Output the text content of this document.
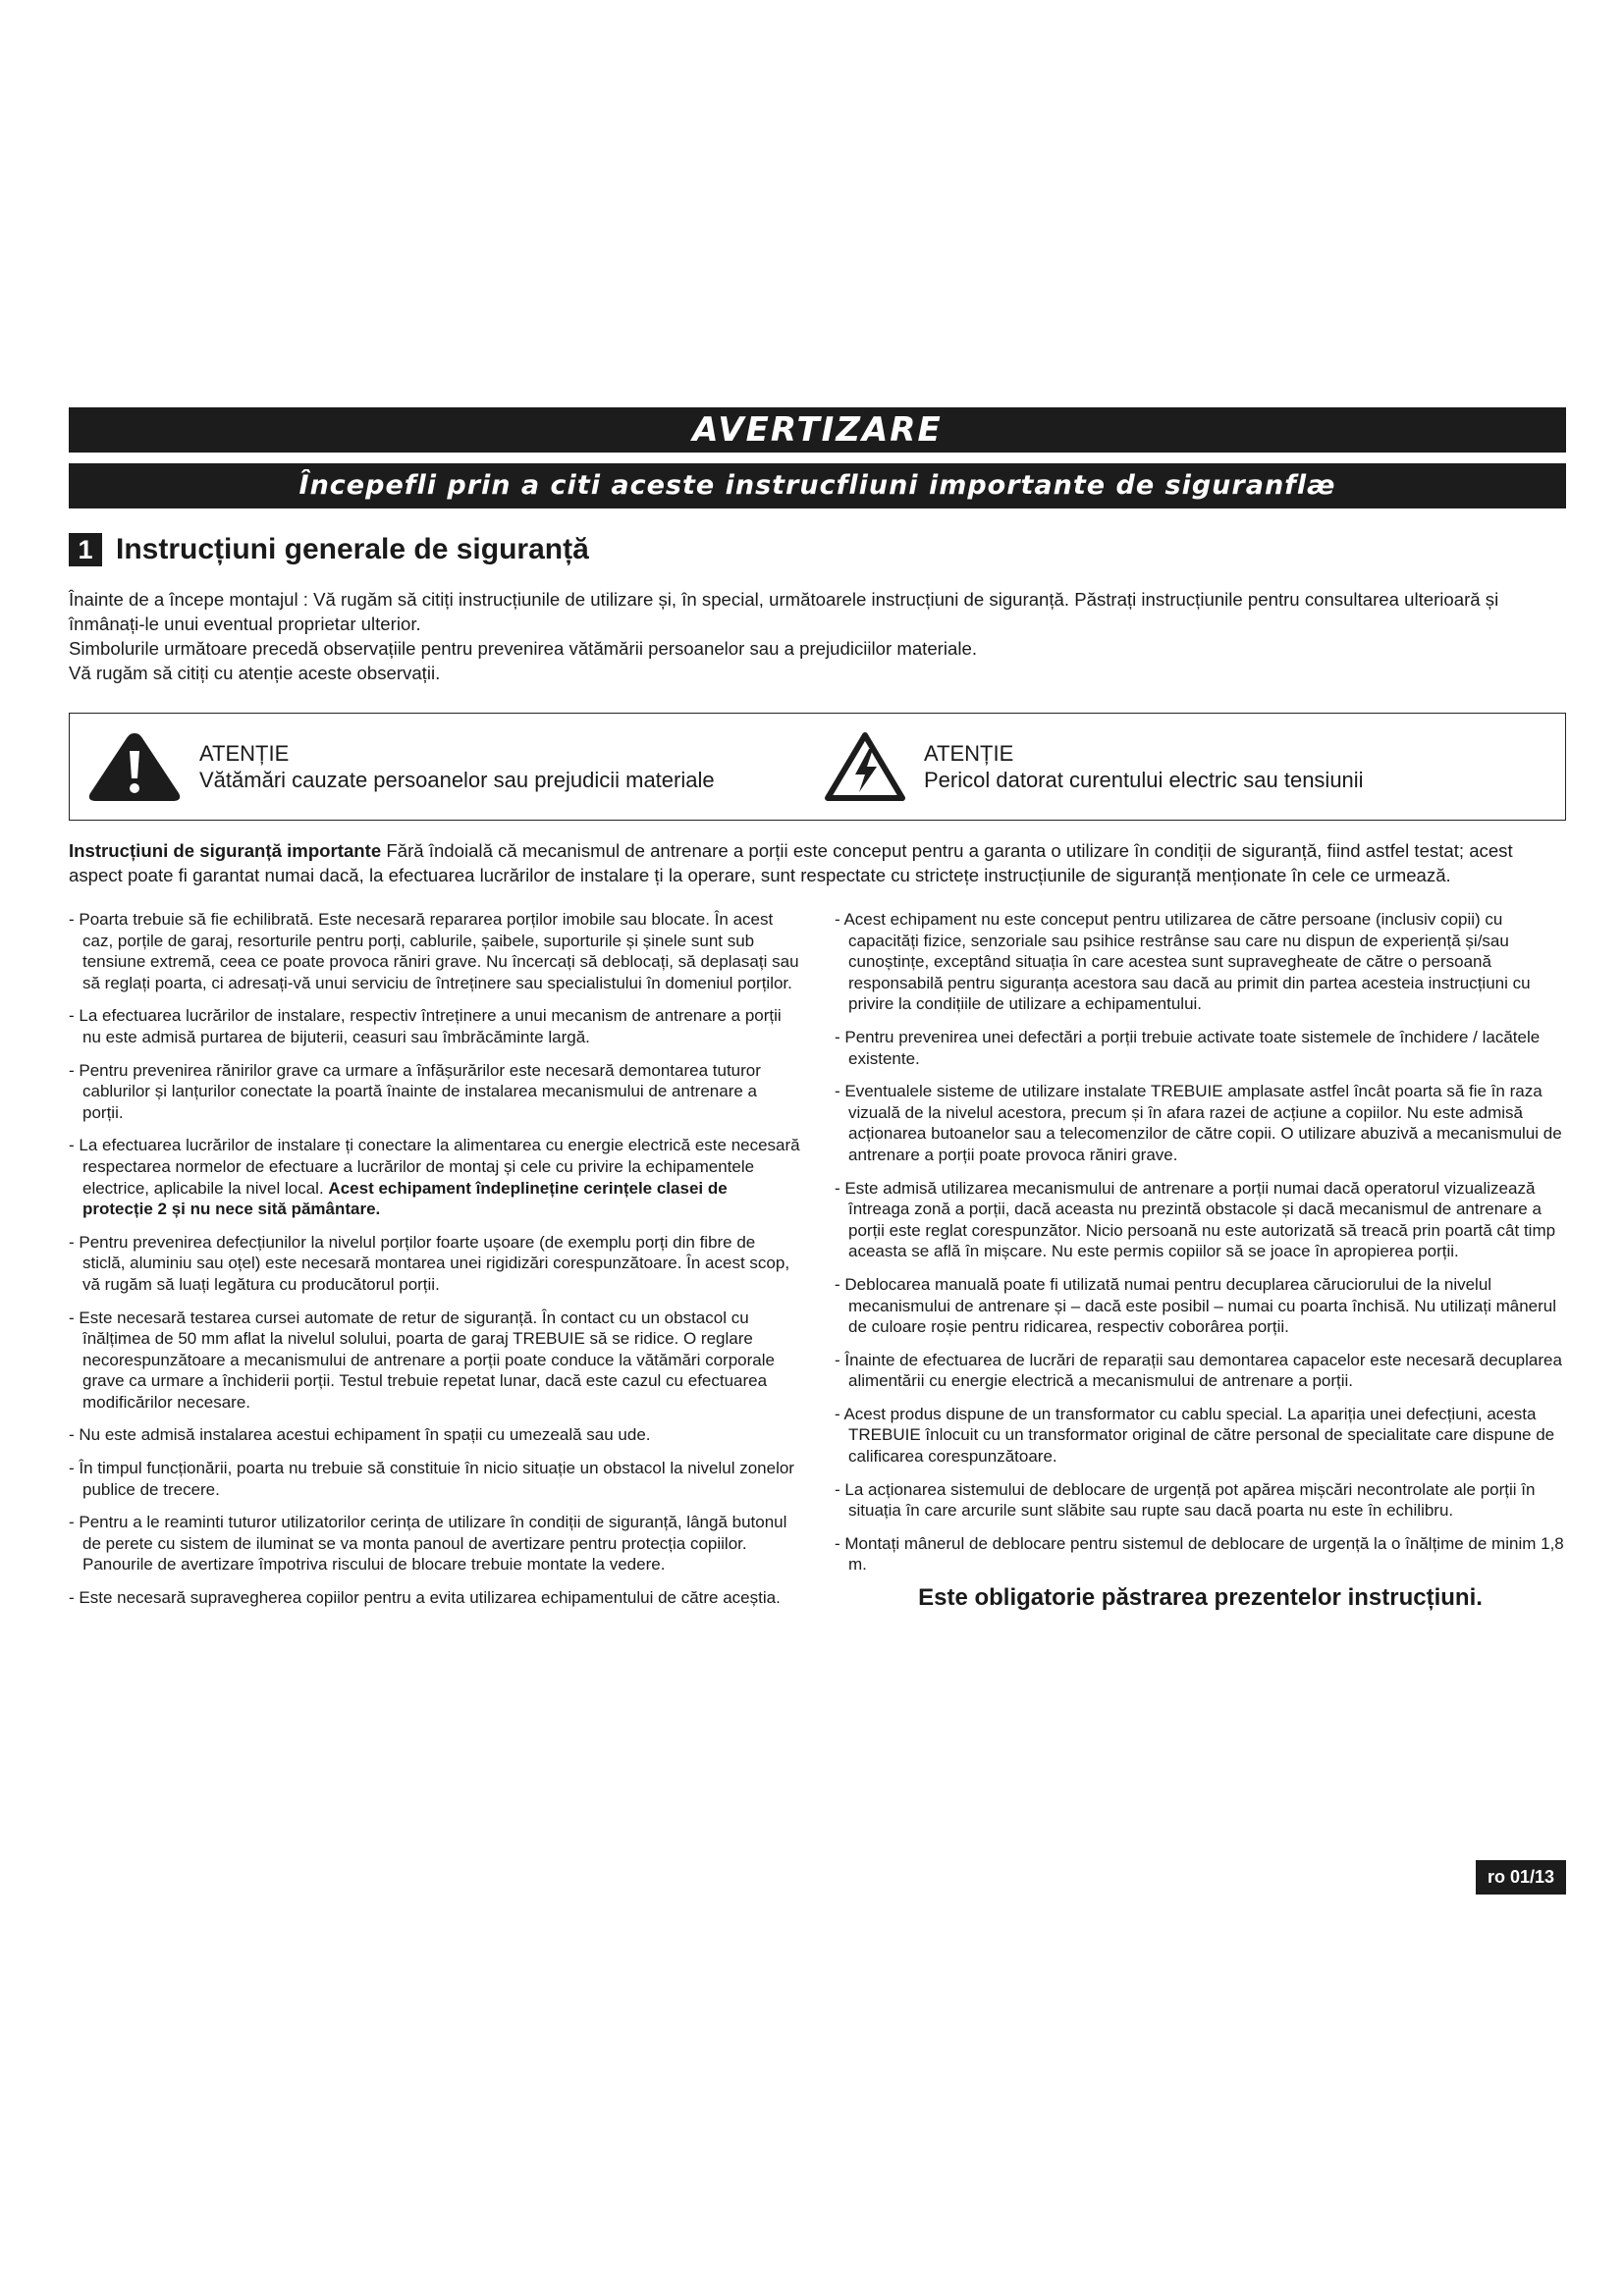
AVERTIZARE
Începefli prin a citi aceste instrucfliuni importante de siguranflæ
1 Instrucțiuni generale de siguranță

Înainte de a începe montajul : Vă rugăm să citiți instrucțiunile de utilizare și, în special, următoarele instrucțiuni de siguranță. Păstrați instrucțiunile pentru consultarea ulterioară și înmânați-le unui eventual proprietar ulterior.

Simbolurile următoare precedă observațiile pentru prevenirea vătămării persoanelor sau a prejudiciilor materiale.

Vă rugăm să citiți cu atenție aceste observații.

ATENȚIE
Vătămări cauzate persoanelor sau prejudicii materiale
ATENȚIE
Pericol datorat curentului electric sau tensiunii
Instrucțiuni de siguranță importante Fără îndoială că mecanismul de antrenare a porții este conceput pentru a garanta o utilizare în condiții de siguranță, fiind astfel testat; acest aspect poate fi garantat numai dacă, la efectuarea lucrărilor de instalare ți la operare, sunt respectate cu strictețe instrucțiunile de siguranță menționate în cele ce urmează.

- Poarta trebuie să fie echilibrată. Este necesară repararea porților imobile sau blocate. În acest caz, porțile de garaj, resorturile pentru porți, cablurile, șaibele, suporturile și șinele sunt sub tensiune extremă, ceea ce poate provoca răniri grave. Nu încercați să deblocați, să deplasați sau să reglați poarta, ci adresați-vă unui serviciu de întreținere sau specialistului în domeniul porților.

- La efectuarea lucrărilor de instalare, respectiv întreținere a unui mecanism de antrenare a porții nu este admisă purtarea de bijuterii, ceasuri sau îmbrăcăminte largă.

- Pentru prevenirea rănirilor grave ca urmare a înfășurărilor este necesară demontarea tuturor cablurilor și lanțurilor conectate la poartă înainte de instalarea mecanismului de antrenare a porții.

- La efectuarea lucrărilor de instalare ți conectare la alimentarea cu energie electrică este necesară respectarea normelor de efectuare a lucrărilor de montaj și cele cu privire la echipamentele electrice, aplicabile la nivel local. Acest echipament îndeplineține cerințele clasei de protecție 2 și nu nece sită pământare.

- Pentru prevenirea defecțiunilor la nivelul porților foarte ușoare (de exemplu porți din fibre de sticlă, aluminiu sau oțel) este necesară montarea unei rigidizări corespunzătoare. În acest scop, vă rugăm să luați legătura cu producătorul porții.

- Este necesară testarea cursei automate de retur de siguranță. În contact cu un obstacol cu înălțimea de 50 mm aflat la nivelul solului, poarta de garaj TREBUIE să se ridice. O reglare necorespunzătoare a mecanismului de antrenare a porții poate conduce la vătămări corporale grave ca urmare a închiderii porții. Testul trebuie repetat lunar, dacă este cazul cu efectuarea modificărilor necesare.

- Nu este admisă instalarea acestui echipament în spații cu umezeală sau ude.

- În timpul funcționării, poarta nu trebuie să constituie în nicio situație un obstacol la nivelul zonelor publice de trecere.

- Pentru a le reaminti tuturor utilizatorilor cerința de utilizare în condiții de siguranță, lângă butonul de perete cu sistem de iluminat se va monta panoul de avertizare pentru protecția copiilor. Panourile de avertizare împotriva riscului de blocare trebuie montate la vedere.

- Este necesară supravegherea copiilor pentru a evita utilizarea echipamentului de către aceștia.

- Acest echipament nu este conceput pentru utilizarea de către persoane (inclusiv copii) cu capacități fizice, senzoriale sau psihice restrânse sau care nu dispun de experiență și/sau cunoștințe, exceptând situația în care acestea sunt supravegheate de către o persoană responsabilă pentru siguranța acestora sau dacă au primit din partea acesteia instrucțiuni cu privire la condițiile de utilizare a echipamentului.

- Pentru prevenirea unei defectări a porții trebuie activate toate sistemele de închidere / lacătele existente.

- Eventualele sisteme de utilizare instalate TREBUIE amplasate astfel încât poarta să fie în raza vizuală de la nivelul acestora, precum și în afara razei de acțiune a copiilor. Nu este admisă acționarea butoanelor sau a telecomenzilor de către copii. O utilizare abuzivă a mecanismului de antrenare a porții poate provoca răniri grave.

- Este admisă utilizarea mecanismului de antrenare a porții numai dacă operatorul vizualizează întreaga zonă a porții, dacă aceasta nu prezintă obstacole și dacă mecanismul de antrenare a porții este reglat corespunzător. Nicio persoană nu este autorizată să treacă prin poartă cât timp aceasta se află în mișcare. Nu este permis copiilor să se joace în apropierea porții.

- Deblocarea manuală poate fi utilizată numai pentru decuplarea căruciorului de la nivelul mecanismului de antrenare și – dacă este posibil – numai cu poarta închisă. Nu utilizați mânerul de culoare roșie pentru ridicarea, respectiv coborârea porții.

- Înainte de efectuarea de lucrări de reparații sau demontarea capacelor este necesară decuplarea alimentării cu energie electrică a mecanismului de antrenare a porții.

- Acest produs dispune de un transformator cu cablu special. La apariția unei defecțiuni, acesta TREBUIE înlocuit cu un transformator original de către personal de specialitate care dispune de calificarea corespunzătoare.

- La acționarea sistemului de deblocare de urgență pot apărea mișcări necontrolate ale porții în situația în care arcurile sunt slăbite sau rupte sau dacă poarta nu este în echilibru.

- Montați mânerul de deblocare pentru sistemul de deblocare de urgență la o înălțime de minim 1,8 m.

Este obligatorie păstrarea prezentelor instrucțiuni.
ro 01/13
